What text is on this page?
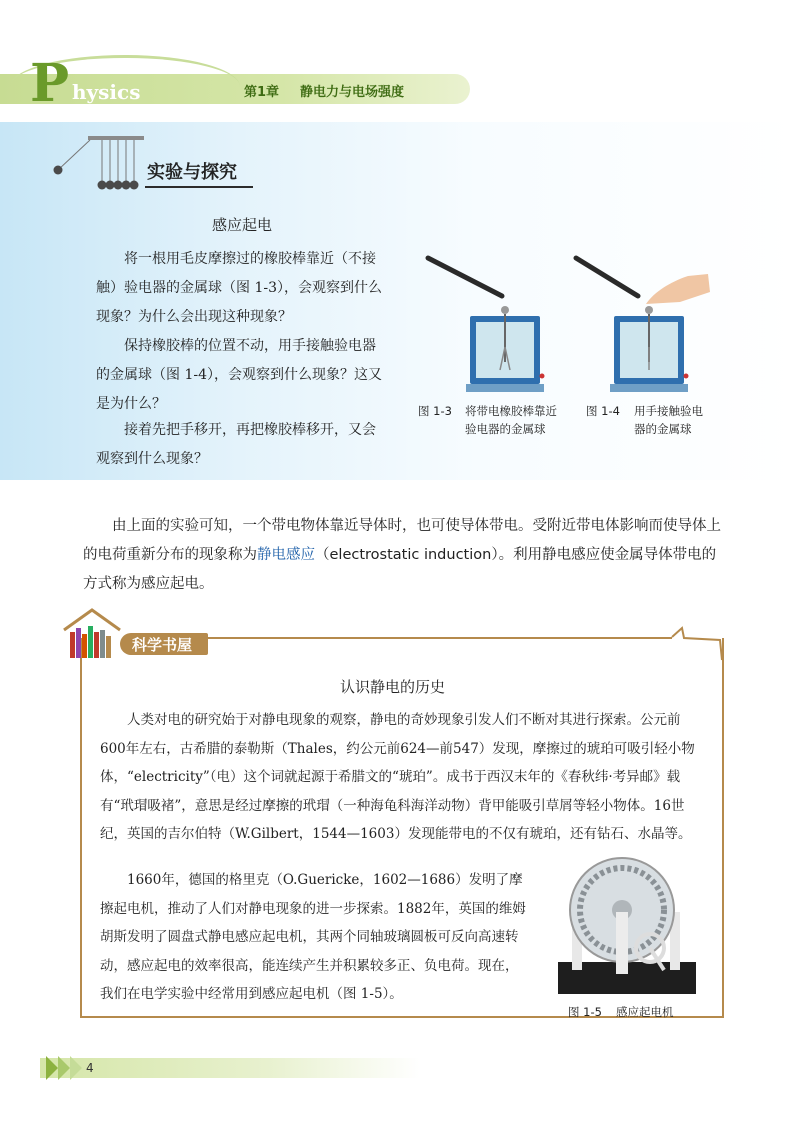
P hysics	第1章 静电力与电场强度
实验与探究
感应起电
将一根用毛皮摩擦过的橡胶棒靠近（不接触）验电器的金属球（图 1-3），会观察到什么现象？为什么会出现这种现象？
保持橡胶棒的位置不动，用手接触验电器的金属球（图 1-4），会观察到什么现象？这又是为什么？
接着先把手移开，再把橡胶棒移开，又会观察到什么现象？
图 1-3 将带电橡胶棒靠近
验电器的金属球
图 1-4 用手接触验电
器的金属球
由上面的实验可知，一个带电物体靠近导体时，也可使导体带电。受附近带电体影响而使导体上的电荷重新分布的现象称为静电感应（electrostatic induction）。利用静电感应使金属导体带电的方式称为感应起电。
科学书屋
认识静电的历史
人类对电的研究始于对静电现象的观察，静电的奇妙现象引发人们不断对其进行探索。公元前600年左右，古希腊的泰勒斯（Thales，约公元前624—前547）发现，摩擦过的琥珀可吸引轻小物体，“electricity”（电）这个词就起源于希腊文的“琥珀”。成书于西汉末年的《春秋纬·考异邮》载有“玳瑁吸褚”，意思是经过摩擦的玳瑁（一种海龟科海洋动物）背甲能吸引草屑等轻小物体。16世纪，英国的吉尔伯特（W.Gilbert，1544—1603）发现能带电的不仅有琥珀，还有钻石、水晶等。
1660年，德国的格里克（O.Guericke，1602—1686）发明了摩擦起电机，推动了人们对静电现象的进一步探索。1882年，英国的维姆胡斯发明了圆盘式静电感应起电机，其两个同轴玻璃圆板可反向高速转动，感应起电的效率很高，能连续产生并积累较多正、负电荷。现在，我们在电学实验中经常用到感应起电机（图 1-5）。
图 1-5 感应起电机
4
